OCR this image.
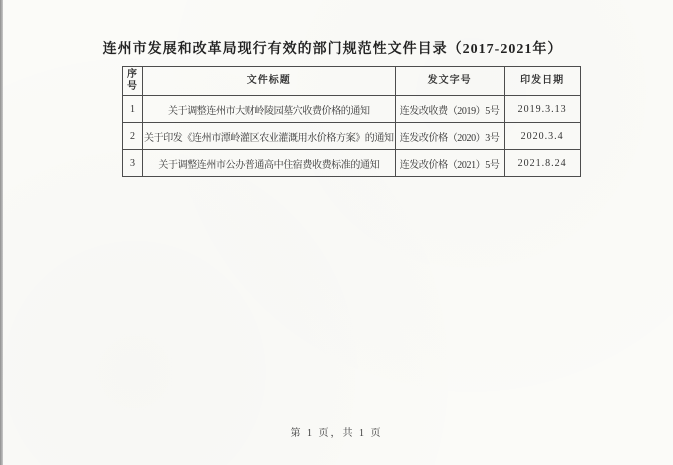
连州市发展和改革局现行有效的部门规范性文件目录（2017-2021年）
序号	文件标题	发文字号	印发日期
1	关于调整连州市大财岭陵园墓穴收费价格的通知	连发改收费（2019）5号	2019.3.13
2	关于印发《连州市潭岭灌区农业灌溉用水价格方案》的通知	连发改价格（2020）3号	2020.3.4
3	关于调整连州市公办普通高中住宿费收费标准的通知	连发改价格（2021）5号	2021.8.24
第 1 页，共 1 页
